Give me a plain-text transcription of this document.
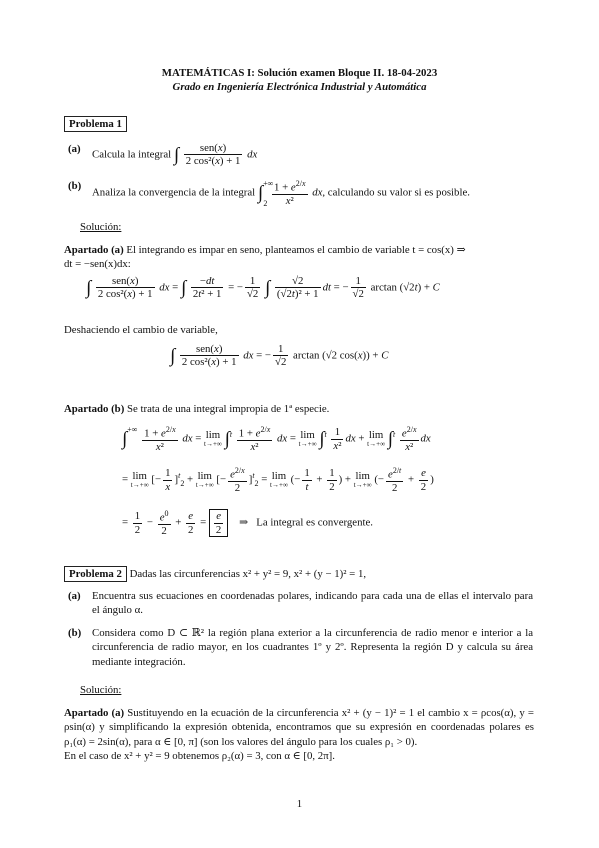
MATEMÁTICAS I: Solución examen Bloque II. 18-04-2023
Grado en Ingeniería Electrónica Industrial y Automática
Problema 1
(a) Calcula la integral ∫ $\frac{\text{sen(x)}}{\text{2 cos²(x) + 1}}$ dx
(b)
Analiza la convergencia de la integral $\int^{+\infty}_2 \frac{1 + e^{2/x}}{\text{x²}}$ dx, calculando su valor si es posible.
Solución:
Apartado (a) El integrando es impar en seno, planteamos el cambio de variable t = cos(x) ⇒
dt = −sen(x)dx:
∫ $\frac{\text{sen(x)}}{\text{2 cos²(x) + 1}}$ dx = ∫ $\frac{-dt}{\text{2t² + 1}}$ = − $\frac{1}{√2}$ ∫ $\frac{√2}{\text{(√2t)² + 1}}$ dt = − $\frac{1}{√2}$ arctan (√2t) + C
Deshaciendo el cambio de variable,
∫ $\frac{\text{sen(x)}}{\text{2 cos²(x) + 1}}$ dx = − $\frac{1}{√2}$ arctan (√2 cos(x)) + C
Apartado (b) Se trata de una integral impropia de 1ª especie.
$\int^{+\infty} \frac{1 + e^{2/x}}{\text{x²}}$ dx = lim
t→+∞ $\int^t \frac{1 + e^{2/x}}{\text{x²}}$ dx = lim
t→+∞ $\int^t \frac{1}{\text{x²}}$ dx + lim
t→+∞ $\int^t \frac{e^{2/x}}{\text{x²}}$ dx
= lim
t→+∞ [− $\frac{1}{x} ]^t_2 + \lim$
t→+∞ [− $\frac{e^{2/x}}{2} ]^t_2 = \lim$
t→+∞ (− $\frac{1}{t} + \frac{1}{2}$ ) + lim
t→+∞ (− $\frac{e^{2/t}}{2} + \frac{e}{2}$ )
= $\frac{1}{2} - \frac{e^0}{2} + \frac{e}{2} = \frac{e}{2}$ ⇒   La integral es convergente.
Problema 2 Dadas las circunferencias x² + y² = 9, x² + (y − 1)² = 1,
(a) Encuentra sus ecuaciones en coordenadas polares, indicando para cada una de ellas el intervalo para el ángulo α.
(b) Considera como D ⊂ ℝ² la región plana exterior a la circunferencia de radio menor e interior a la circunferencia de radio mayor, en los cuadrantes 1º y 2º. Representa la región D y calcula su área mediante integración.
Solución:
Apartado (a) Sustituyendo en la ecuación de la circunferencia x² + (y − 1)² = 1 el cambio x = ρcos(α), y = ρsin(α) y simplificando la expresión obtenida, encontramos que su expresión en coordenadas polares es ρ₁(α) = 2sin(α), para α ∈ [0, π] (son los valores del ángulo para los cuales ρ₁ > 0).
En el caso de x² + y² = 9 obtenemos ρ₂(α) = 3, con α ∈ [0, 2π].
1
